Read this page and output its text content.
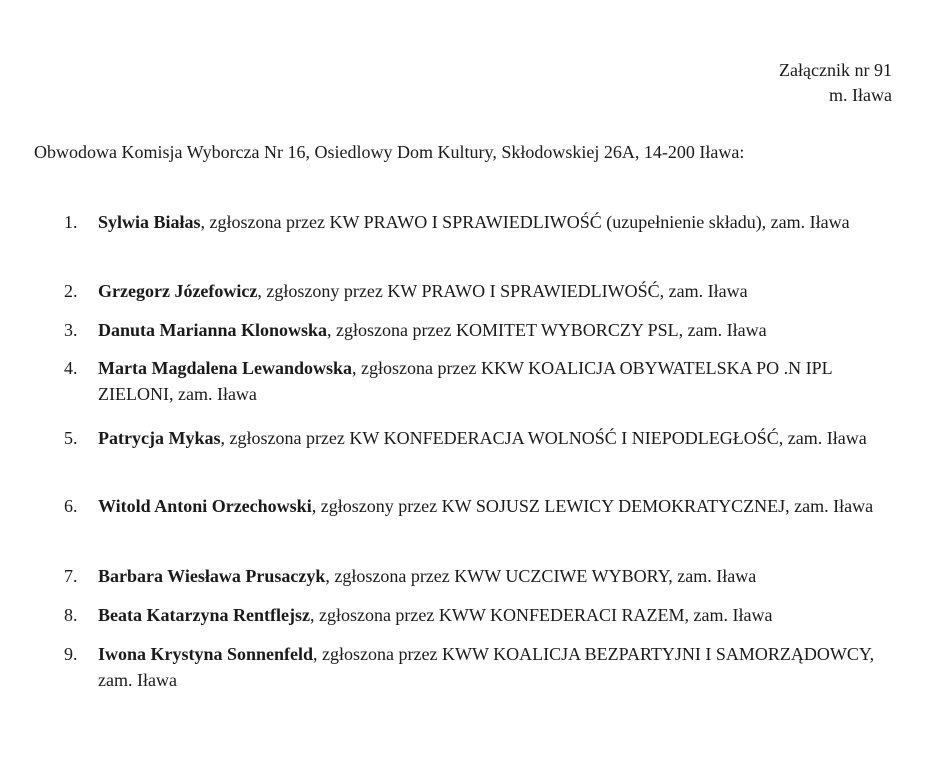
Załącznik nr 91
m. Iława
Obwodowa Komisja Wyborcza Nr 16, Osiedlowy Dom Kultury, Skłodowskiej 26A, 14-200 Iława:
1.	Sylwia Białas, zgłoszona przez KW PRAWO I SPRAWIEDLIWOŚĆ (uzupełnienie składu), zam. Iława
2.	Grzegorz Józefowicz, zgłoszony przez KW PRAWO I SPRAWIEDLIWOŚĆ, zam. Iława
3.	Danuta Marianna Klonowska, zgłoszona przez KOMITET WYBORCZY PSL, zam. Iława
4.	Marta Magdalena Lewandowska, zgłoszona przez KKW KOALICJA OBYWATELSKA PO .N IPL ZIELONI, zam. Iława
5.	Patrycja Mykas, zgłoszona przez KW KONFEDERACJA WOLNOŚĆ I NIEPODLEGŁOŚĆ, zam. Iława
6.	Witold Antoni Orzechowski, zgłoszony przez KW SOJUSZ LEWICY DEMOKRATYCZNEJ, zam. Iława
7.	Barbara Wiesława Prusaczyk, zgłoszona przez KWW UCZCIWE WYBORY, zam. Iława
8.	Beata Katarzyna Rentflejsz, zgłoszona przez KWW KONFEDERACI RAZEM, zam. Iława
9.	Iwona Krystyna Sonnenfeld, zgłoszona przez KWW KOALICJA BEZPARTYJNI I SAMORZĄDOWCY, zam. Iława
